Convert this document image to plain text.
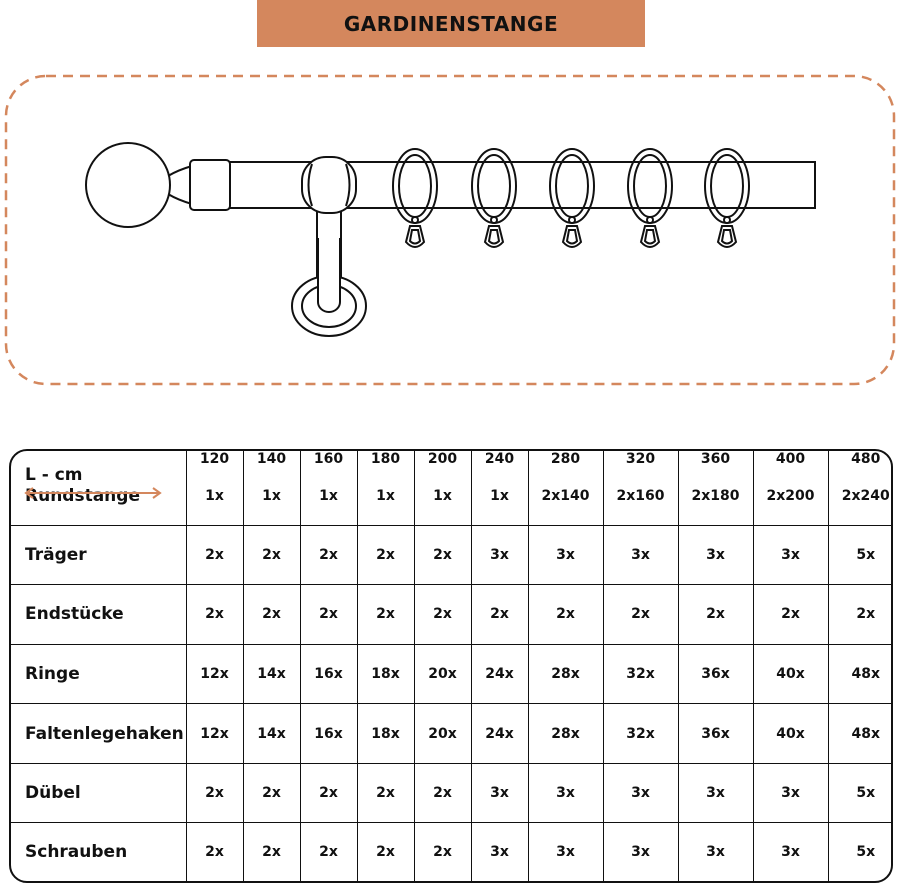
GARDINENSTANGE
L - cm	120	140	160	180	200	240	280	320	360	400	480
Rundstange	1x	1x	1x	1x	1x	1x	2x140	2x160	2x180	2x200	2x240
Träger	2x	2x	2x	2x	2x	3x	3x	3x	3x	3x	5x
Endstücke	2x	2x	2x	2x	2x	2x	2x	2x	2x	2x	2x
Ringe	12x	14x	16x	18x	20x	24x	28x	32x	36x	40x	48x
Faltenlegehaken	12x	14x	16x	18x	20x	24x	28x	32x	36x	40x	48x
Dübel	2x	2x	2x	2x	2x	3x	3x	3x	3x	3x	5x
Schrauben	2x	2x	2x	2x	2x	3x	3x	3x	3x	3x	5x
